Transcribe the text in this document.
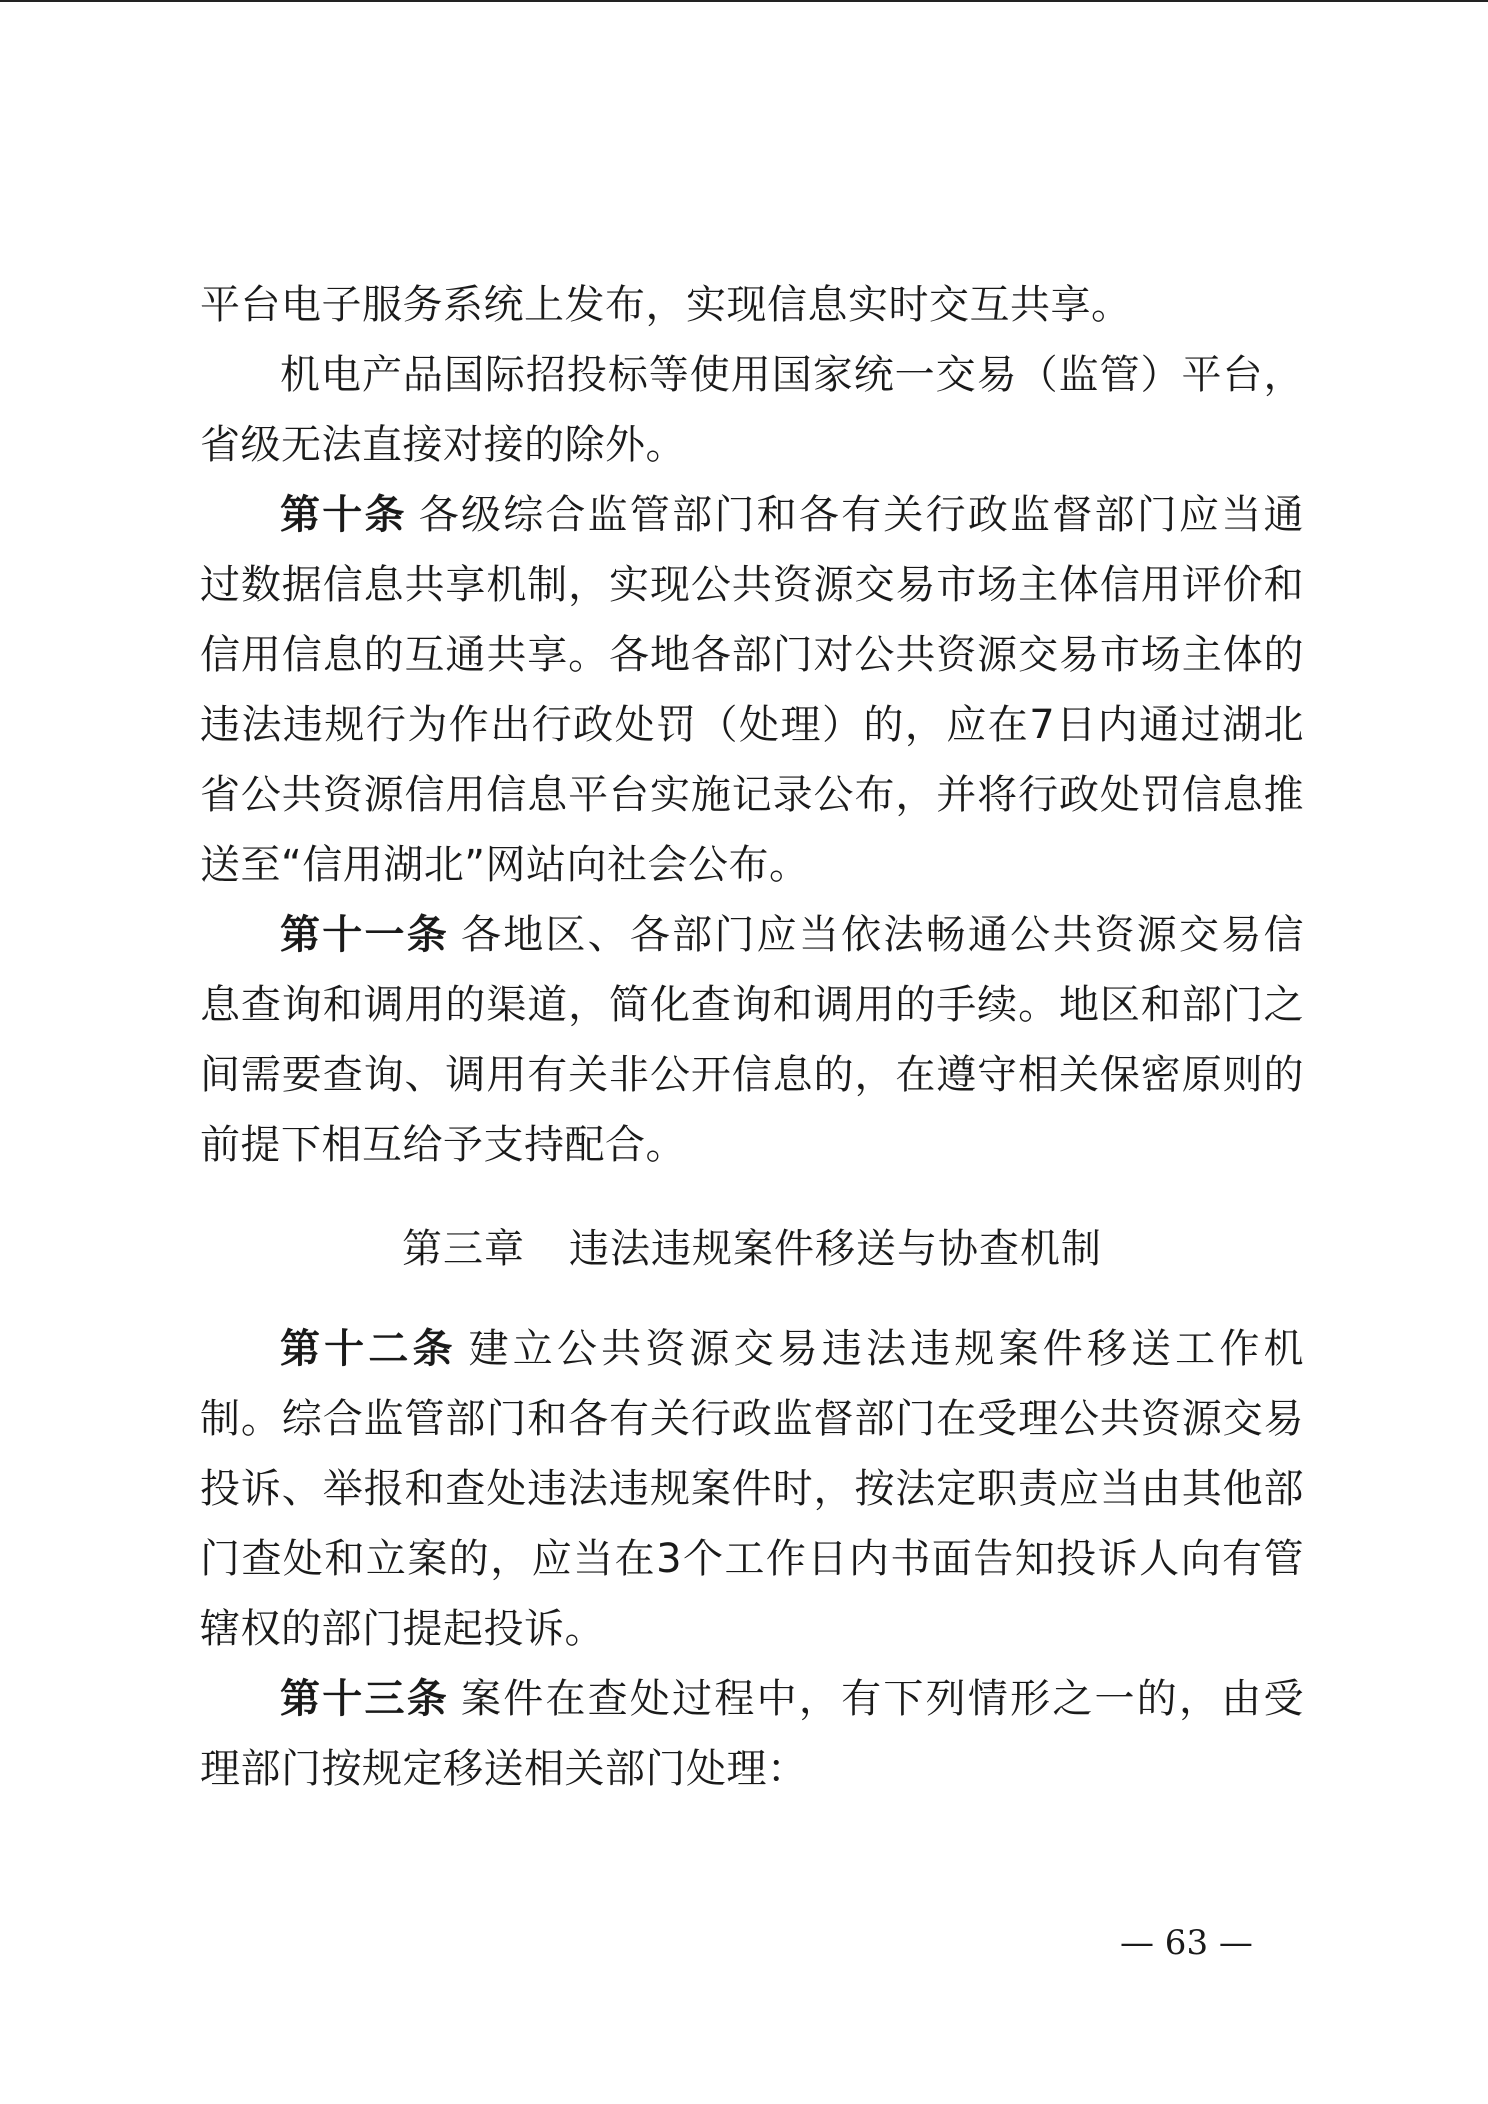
平台电子服务系统上发布，实现信息实时交互共享。

机电产品国际招投标等使用国家统一交易（监管）平台，省级无法直接对接的除外。

第十条 各级综合监管部门和各有关行政监督部门应当通过数据信息共享机制，实现公共资源交易市场主体信用评价和信用信息的互通共享。各地各部门对公共资源交易市场主体的违法违规行为作出行政处罚（处理）的，应在7日内通过湖北省公共资源信用信息平台实施记录公布，并将行政处罚信息推送至“信用湖北”网站向社会公布。

第十一条 各地区、各部门应当依法畅通公共资源交易信息查询和调用的渠道，简化查询和调用的手续。地区和部门之间需要查询、调用有关非公开信息的，在遵守相关保密原则的前提下相互给予支持配合。

第三章 违法违规案件移送与协查机制

第十二条 建立公共资源交易违法违规案件移送工作机制。综合监管部门和各有关行政监督部门在受理公共资源交易投诉、举报和查处违法违规案件时，按法定职责应当由其他部门查处和立案的，应当在3个工作日内书面告知投诉人向有管辖权的部门提起投诉。

第十三条 案件在查处过程中，有下列情形之一的，由受理部门按规定移送相关部门处理：

— 63 —
